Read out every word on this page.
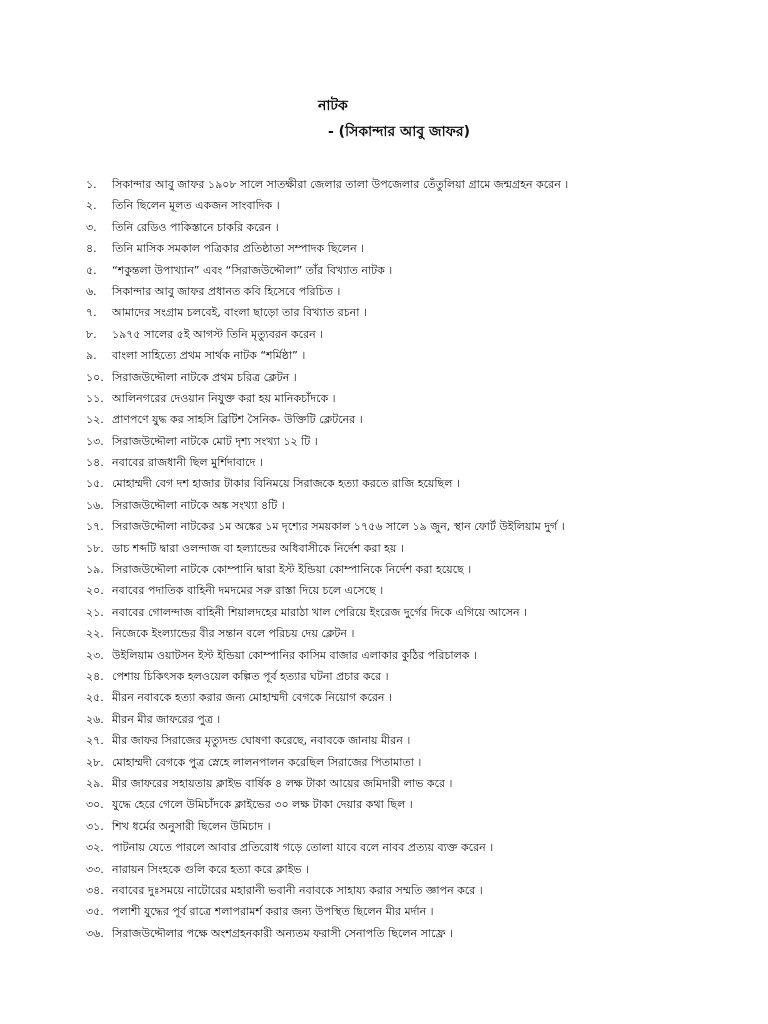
নাটক
- (সিকান্দার আবু জাফর)
১.	সিকান্দার আবু জাফর ১৯০৮ সালে সাতক্ষীরা জেলার তালা উপজেলার তেঁতুলিয়া গ্রামে জন্মগ্রহন করেন ।
২.	তিনি ছিলেন মূলত একজন সাংবাদিক ।
৩.	তিনি রেডিও পাকিস্তানে চাকরি করেন ।
৪.	তিনি মাসিক সমকাল পত্রিকার প্রতিষ্ঠাতা সম্পাদক ছিলেন ।
৫.	“শকুন্তলা উপাখ্যান” এবং “সিরাজউদ্দৌলা” তাঁর বিখ্যাত নাটক ।
৬.	সিকান্দার আবু জাফর প্রধানত কবি হিসেবে পরিচিত ।
৭.	আমাদের সংগ্রাম চলবেই, বাংলা ছাড়ো তার বিখ্যাত রচনা ।
৮.	১৯৭৫ সালের ৫ই আগস্ট তিনি মৃত্যুবরন করেন ।
৯.	বাংলা সাহিত্যে প্রথম সার্থক নাটক “শর্মিষ্ঠা” ।
১০. সিরাজউদ্দৌলা নাটকে প্রথম চরিত্র ক্লেটন ।
১১. আলিনগরের দেওয়ান নিযুক্ত করা হয় মানিকচাঁদকে ।
১২. প্রাণপণে যুদ্ধ কর সাহসি ব্রিটিশ সৈনিক- উক্তিটি ক্লেটনের ।
১৩. সিরাজউদ্দৌলা নাটকে মোট দৃশ্য সংখ্যা ১২ টি ।
১৪. নবাবের রাজধানী ছিল মুর্শিদাবাদে ।
১৫. মোহাম্মদী বেগ দশ হাজার টাকার বিনিময়ে সিরাজকে হত্যা করতে রাজি হয়েছিল ।
১৬. সিরাজউদ্দৌলা নাটকে অঙ্ক সংখ্যা ৪টি ।
১৭. সিরাজউদ্দৌলা নাটকের ১ম অঙ্কের ১ম দৃশ্যের সময়কাল ১৭৫৬ সালে ১৯ জুন, স্থান ফোর্ট উইলিয়াম দুর্গ ।
১৮. ডাচ শব্দটি দ্বারা ওলন্দাজ বা হল্যান্ডের অধিবাসীকে নির্দেশ করা হয় ।
১৯. সিরাজউদ্দৌলা নাটকে কোম্পানি দ্বারা ইস্ট ইন্ডিয়া কোম্পানিকে নির্দেশ করা হয়েছে ।
২০. নবাবের পদাতিক বাহিনী দমদমের সরু রাস্তা দিয়ে চলে এসেছে ।
২১. নবাবের গোলন্দাজ বাহিনী শিয়ালদহের মারাঠা খাল পেরিয়ে ইংরেজ দুর্গের দিকে এগিয়ে আসেন ।
২২. নিজেকে ইংল্যান্ডের বীর সন্তান বলে পরিচয় দেয় ক্লেটন ।
২৩. উইলিয়াম ওয়াটসন ইস্ট ইন্ডিয়া কোম্পানির কাসিম বাজার এলাকার কুঠির পরিচালক ।
২৪. পেশায় চিকিৎসক হলওয়েল কল্পিত পূর্ব হত্যার ঘটনা প্রচার করে ।
২৫. মীরন নবাবকে হত্যা করার জন্য মোহাম্মদী বেগকে নিয়োগ করেন ।
২৬. মীরন মীর জাফরের পুত্র ।
২৭. মীর জাফর সিরাজের মৃত্যুদন্ড ঘোষণা করেছে, নবাবকে জানায় মীরন ।
২৮. মোহাম্মদী বেগকে পুত্র স্নেহে লালনপালন করেছিল সিরাজের পিতামাতা ।
২৯. মীর জাফরের সহায়তায় ক্লাইভ বার্ষিক ৪ লক্ষ টাকা আয়ের জমিদারী লাভ করে ।
৩০. যুদ্ধে হেরে গেলে উমিচাঁদকে ক্লাইভের ৩০ লক্ষ টাকা দেয়ার কথা ছিল ।
৩১. শিখ ধর্মের অনুসারী ছিলেন উমিচাদ ।
৩২. পাটনায় যেতে পারলে আবার প্রতিরোধ গড়ে তোলা যাবে বলে নাবব প্রত্যয় ব্যক্ত করেন ।
৩৩. নারায়ন সিংহকে গুলি করে হত্যা করে ক্লাইভ ।
৩৪. নবাবের দুঃসময়ে নাটোরের মহারানী ভবানী নবাবকে সাহায্য করার সম্মতি জ্ঞাপন করে ।
৩৫. পলাশী যুদ্ধের পূর্ব রাত্রে শলাপরামর্শ করার জন্য উপস্থিত ছিলেন মীর মর্দান ।
৩৬. সিরাজউদ্দৌলার পক্ষে অংশগ্রহনকারী অন্যতম ফরাসী সেনাপতি ছিলেন সাফ্রে ।
